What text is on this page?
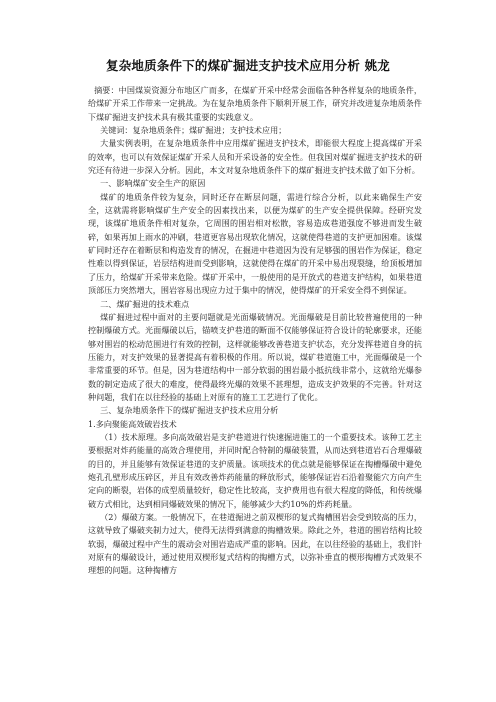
复杂地质条件下的煤矿掘进支护技术应用分析 姚龙

摘要：中国煤炭资源分布地区广而多，在煤矿开采中经常会面临各种各样复杂的地质条件，给煤矿开采工作带来一定挑战。为在复杂地质条件下顺利开展工作，研究并改进复杂地质条件下煤矿掘进支护技术具有极其重要的实践意义。

关键词：复杂地质条件；煤矿掘进；支护技术应用；

大量实例表明，在复杂地质条件中应用煤矿掘进支护技术，即能很大程度上提高煤矿开采的效率，也可以有效保证煤矿开采人员和开采设备的安全性。但我国对煤矿掘进支护技术的研究还有待进一步深入分析。因此，本文对复杂地质条件下的煤矿掘进支护技术做了如下分析。

一、影响煤矿安全生产的原因

煤矿的地质条件较为复杂，同时还存在断层问题，需进行综合分析，以此来确保生产安全，这就需将影响煤矿生产安全的因素找出来，以便为煤矿的生产安全提供保障。经研究发现，该煤矿地质条件相对复杂，它周围的围岩相对松散，容易造成巷道强度不够进而发生破碎，如果再加上雨水的冲刷，巷道更容易出现软化情况，这就使得巷道的支护更加困难。该煤矿同时还存在着断层和构造发育的情况，在掘进中巷道因为没有足够强的围岩作为保证，稳定性难以得到保证，岩层结构进而受到影响，这就使得在煤矿的开采中易出现裂缝，给顶板增加了压力，给煤矿开采带来危险。煤矿开采中，一般使用的是开放式的巷道支护结构，如果巷道顶部压力突然增大，围岩容易出现应力过于集中的情况，使得煤矿的开采安全得不到保证。

二、煤矿掘进的技术难点

煤矿掘进过程中面对的主要问题就是光面爆破情况。光面爆破是目前比较普遍使用的一种控制爆破方式。光面爆破以后，锚喷支护巷道的断面不仅能够保证符合设计的轮廓要求，还能够对围岩的松动范围进行有效的控制，这样就能够改善巷道支护状态，充分发挥巷道自身的抗压能力，对支护效果的显著提高有着积极的作用。所以说，煤矿巷道施工中，光面爆破是一个非常重要的环节。但是，因为巷道结构中一部分软弱的围岩最小抵抗线非常小，这就给光爆参数的制定造成了很大的难度，使得最终光爆的效果不甚理想，造成支护效果的不完善。针对这种问题，我们在以往经验的基础上对原有的施工工艺进行了优化。

三、复杂地质条件下的煤矿掘进支护技术应用分析

1.多向聚能高效破岩技术

（1）技术原理。多向高效破岩是支护巷道进行快速掘进施工的一个重要技术。该种工艺主要根据对炸药能量的高效合理使用，并同时配合特制的爆破装置，从而达到巷道岩石合理爆破的目的，并且能够有效保证巷道的支护质量。该项技术的优点就是能够保证在掏槽爆破中避免炮孔孔壁形成压碎区，并且有效改善炸药能量的释放形式，能够保证岩石沿着聚能穴方向产生定向的断裂，岩体的成型质量较好，稳定性比较高，支护费用也有很大程度的降低，和传统爆破方式相比，达到相同爆破效果的情况下，能够减少大约10%的炸药耗量。

（2）爆破方案。一般情况下，在巷道掘进之前双楔形的复式掏槽围岩会受到较高的压力，这就导致了爆破夹制力过大，使得无法得到满意的掏槽效果。除此之外，巷道的围岩结构比较软弱，爆破过程中产生的震动会对围岩造成严重的影响。因此，在以往经验的基础上，我们针对原有的爆破设计，通过使用双楔形复式结构的掏槽方式，以弥补垂直的楔形掏槽方式效果不理想的问题。这种掏槽方
